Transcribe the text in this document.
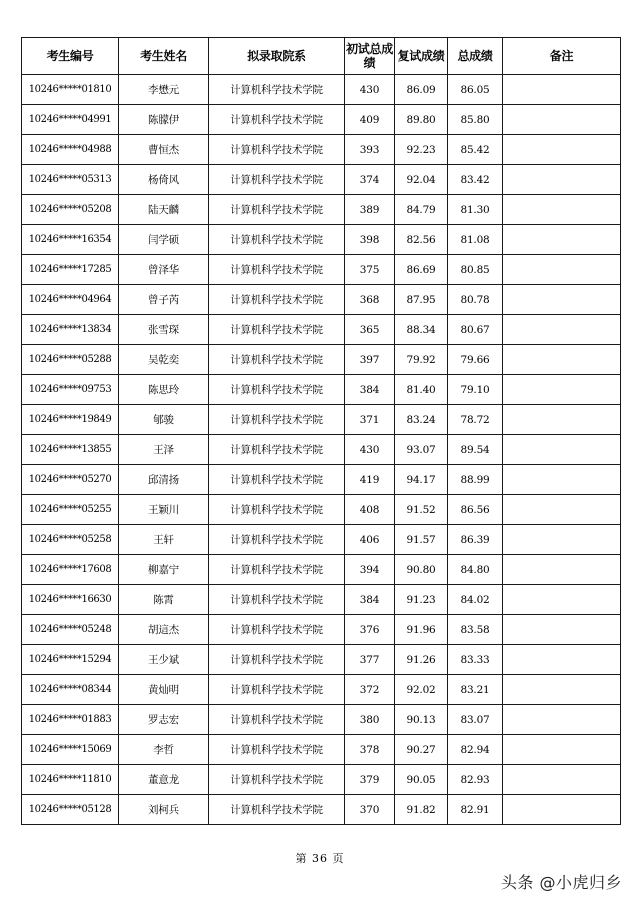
考生编号	考生姓名	拟录取院系	初试总成绩	复试成绩	总成绩	备注
10246*****01810	李懋元	计算机科学技术学院	430	86.09	86.05	
10246*****04991	陈朦伊	计算机科学技术学院	409	89.80	85.80	
10246*****04988	曹恒杰	计算机科学技术学院	393	92.23	85.42	
10246*****05313	杨倚风	计算机科学技术学院	374	92.04	83.42	
10246*****05208	陆天麟	计算机科学技术学院	389	84.79	81.30	
10246*****16354	闫学硕	计算机科学技术学院	398	82.56	81.08	
10246*****17285	曾泽华	计算机科学技术学院	375	86.69	80.85	
10246*****04964	曾子芮	计算机科学技术学院	368	87.95	80.78	
10246*****13834	张雪琛	计算机科学技术学院	365	88.34	80.67	
10246*****05288	吴乾奕	计算机科学技术学院	397	79.92	79.66	
10246*****09753	陈思玲	计算机科学技术学院	384	81.40	79.10	
10246*****19849	郇骏	计算机科学技术学院	371	83.24	78.72	
10246*****13855	王泽	计算机科学技术学院	430	93.07	89.54	
10246*****05270	邱清扬	计算机科学技术学院	419	94.17	88.99	
10246*****05255	王颖川	计算机科学技术学院	408	91.52	86.56	
10246*****05258	王轩	计算机科学技术学院	406	91.57	86.39	
10246*****17608	柳嘉宁	计算机科学技术学院	394	90.80	84.80	
10246*****16630	陈霄	计算机科学技术学院	384	91.23	84.02	
10246*****05248	胡這杰	计算机科学技术学院	376	91.96	83.58	
10246*****15294	王少斌	计算机科学技术学院	377	91.26	83.33	
10246*****08344	黄灿明	计算机科学技术学院	372	92.02	83.21	
10246*****01883	罗志宏	计算机科学技术学院	380	90.13	83.07	
10246*****15069	李哲	计算机科学技术学院	378	90.27	82.94	
10246*****11810	董意龙	计算机科学技术学院	379	90.05	82.93	
10246*****05128	刘柯兵	计算机科学技术学院	370	91.82	82.91	
第 36 页
头条 @小虎归乡
